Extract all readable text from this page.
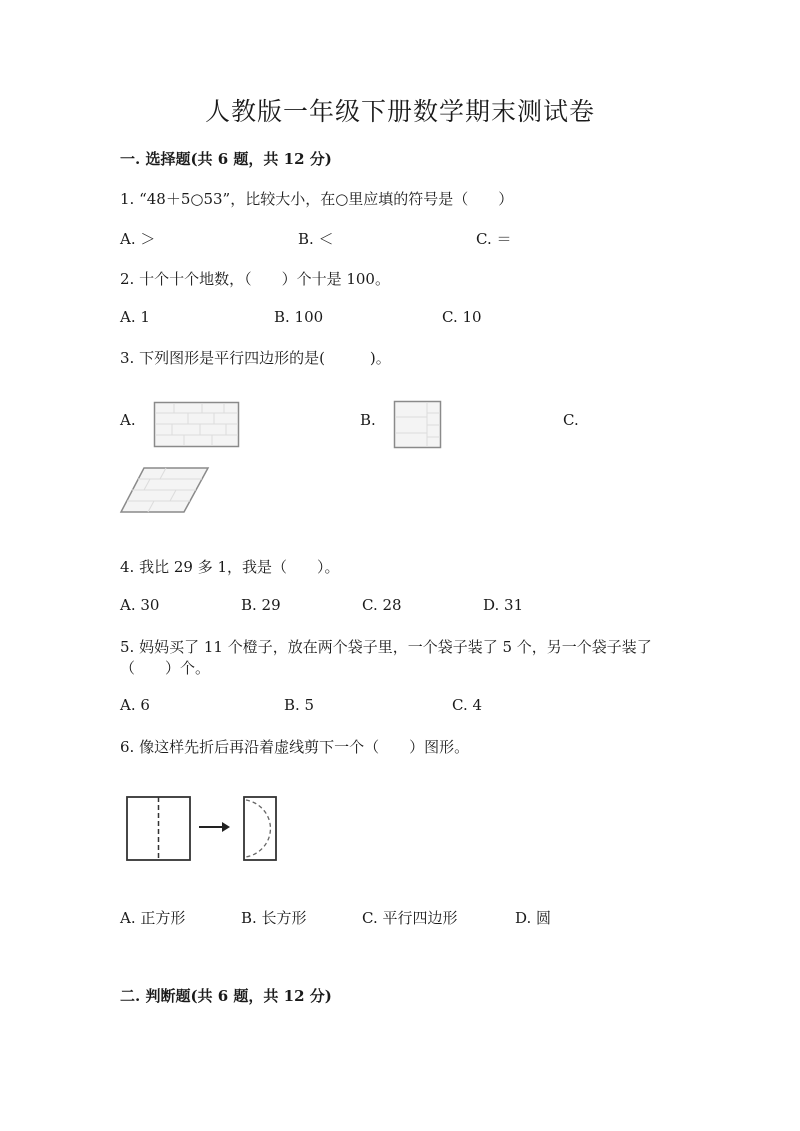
人教版一年级下册数学期末测试卷
一. 选择题(共 6 题，共 12 分)
1. “48＋5○53”，比较大小，在○里应填的符号是（　　）
A. ＞	B. ＜	C. ＝
2. 十个十个地数，（　　）个十是 100。
A. 1	B. 100	C. 10
3. 下列图形是平行四边形的是(　　　)。
A.	B.	C.
4. 我比 29 多 1，我是（　　）。
A. 30	B. 29	C. 28	D. 31
5. 妈妈买了 11 个橙子，放在两个袋子里，一个袋子装了 5 个，另一个袋子装了
（　　）个。
A. 6	B. 5	C. 4
6. 像这样先折后再沿着虚线剪下一个（　　）图形。
A. 正方形	B. 长方形	C. 平行四边形	D. 圆
二. 判断题(共 6 题，共 12 分)
